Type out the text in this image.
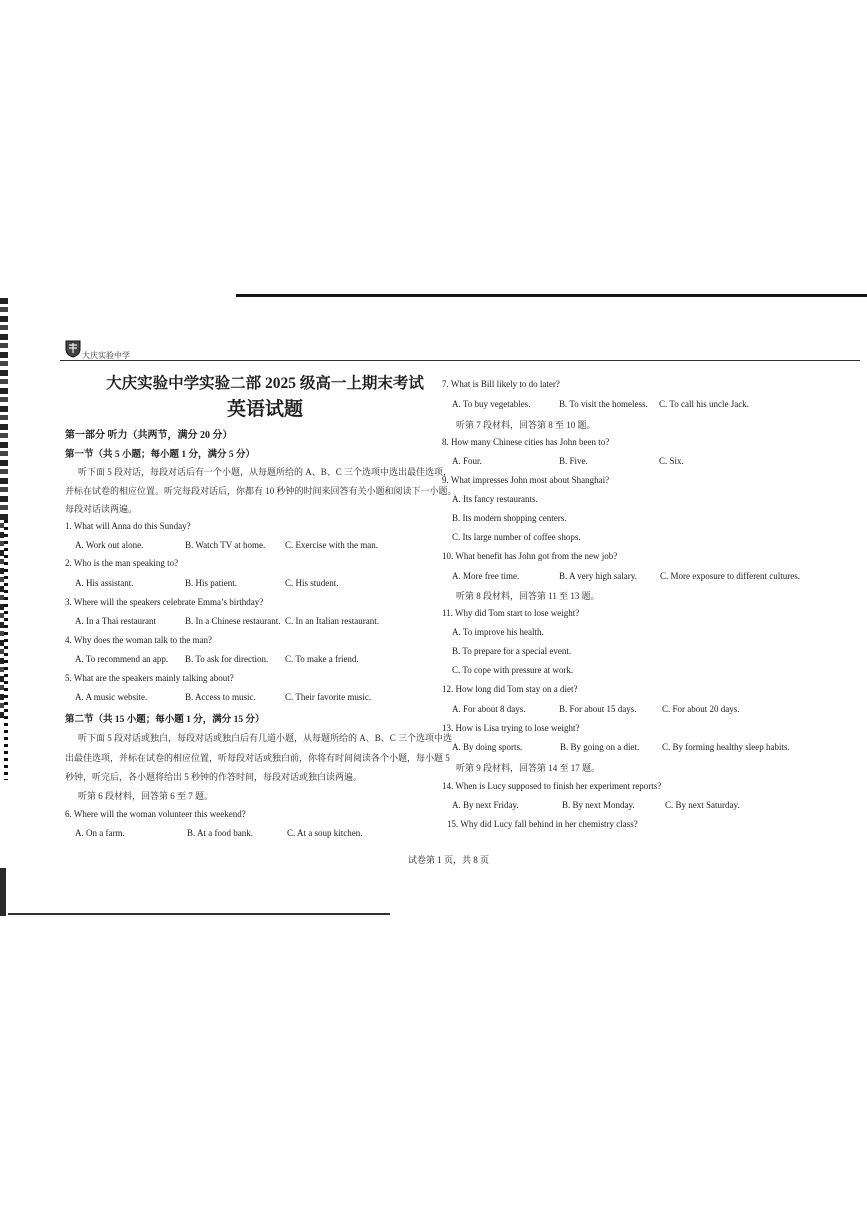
大庆实验中学
大庆实验中学实验二部 2025 级高一上期末考试
英语试题
第一部分 听力（共两节，满分 20 分）
第一节（共 5 小题；每小题 1 分，满分 5 分）
听下面 5 段对话，每段对话后有一个小题，从每题所给的 A、B、C 三个选项中选出最佳选项，
并标在试卷的相应位置。听完每段对话后，你都有 10 秒钟的时间来回答有关小题和阅读下一小题。
每段对话读两遍。
1. What will Anna do this Sunday?
A. Work out alone.	B. Watch TV at home. C. Exercise with the man.
2. Who is the man speaking to?
A. His assistant.	B. His patient.	C. His student.
3. Where will the speakers celebrate Emma’s birthday?
A. In a Thai restaurant	B. In a Chinese restaurant. C. In an Italian restaurant.
4. Why does the woman talk to the man?
A. To recommend an app. B. To ask for direction. C. To make a friend.
5. What are the speakers mainly talking about?
A. A music website.	B. Access to music.	C. Their favorite music.
第二节（共 15 小题；每小题 1 分，满分 15 分）
听下面 5 段对话或独白，每段对话或独白后有几道小题，从每题所给的 A、B、C 三个选项中选
出最佳选项，并标在试卷的相应位置，听每段对话或独白前，你将有时间阅读各个小题，每小题 5
秒钟，听完后，各小题将给出 5 秒钟的作答时间，每段对话或独白读两遍。
听第 6 段材料，回答第 6 至 7 题。
6. Where will the woman volunteer this weekend?
A. On a farm.	B. At a food bank.	C. At a soup kitchen.
7. What is Bill likely to do later?
A. To buy vegetables.	B. To visit the homeless. C. To call his uncle Jack.
听第 7 段材料，回答第 8 至 10 题。
8. How many Chinese cities has John been to?
A. Four.	B. Five.	C. Six.
9. What impresses John most about Shanghai?
A. Its fancy restaurants.
B. Its modern shopping centers.
C. Its large number of coffee shops.
10. What benefit has John got from the new job?
A. More free time.	B. A very high salary.	C. More exposure to different cultures.
听第 8 段材料，回答第 11 至 13 题。
11. Why did Tom start to lose weight?
A. To improve his health.
B. To prepare for a special event.
C. To cope with pressure at work.
12. How long did Tom stay on a diet?
A. For about 8 days.	B. For about 15 days.	C. For about 20 days.
13. How is Lisa trying to lose weight?
A. By doing sports.	B. By going on a diet.	C. By forming healthy sleep habits.
听第 9 段材料，回答第 14 至 17 题。
14. When is Lucy supposed to finish her experiment reports?
A. By next Friday.	B. By next Monday.	C. By next Saturday.
15. Why did Lucy fall behind in her chemistry class?
试卷第 1 页，共 8 页
